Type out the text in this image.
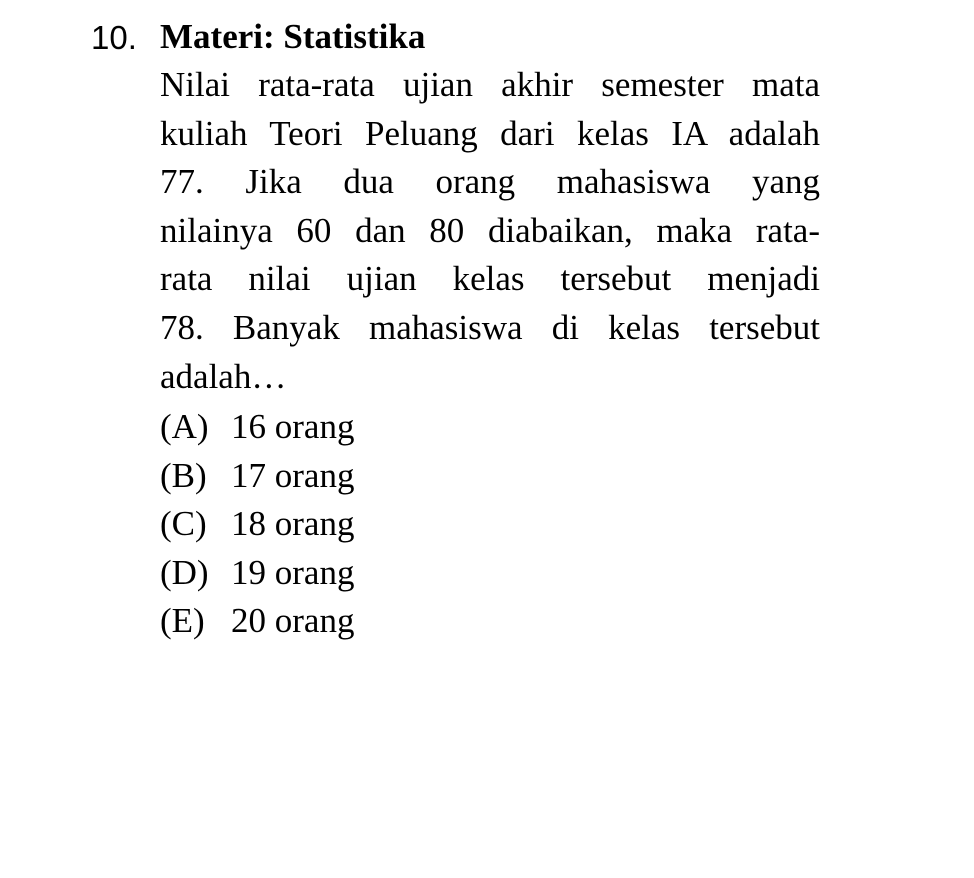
10. Materi: Statistika
Nilai rata-rata ujian akhir semester mata
kuliah Teori Peluang dari kelas IA adalah
77. Jika dua orang mahasiswa yang
nilainya 60 dan 80 diabaikan, maka rata-
rata nilai ujian kelas tersebut menjadi
78. Banyak mahasiswa di kelas tersebut
adalah…
(A) 16 orang
(B) 17 orang
(C) 18 orang
(D) 19 orang
(E) 20 orang
